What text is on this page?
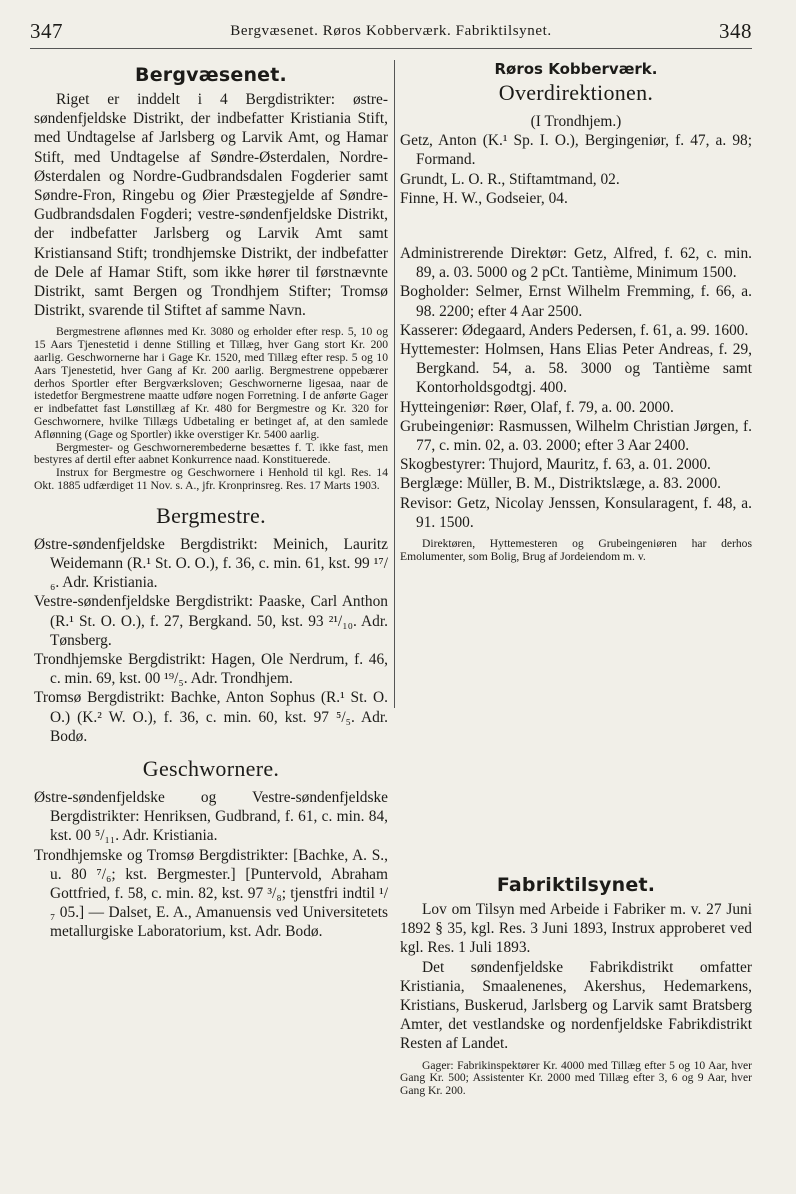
347	Bergvæsenet. Røros Kobberværk. Fabriktilsynet.	348
Bergvæsenet.

Riget er inddelt i 4 Bergdistrikter: østre-søndenfjeldske Distrikt, der indbefatter Kristiania Stift, med Undtagelse af Jarlsberg og Larvik Amt, og Hamar Stift, med Undtagelse af Søndre-Østerdalen, Nordre-Østerdalen og Nordre-Gudbrandsdalen Fogderier samt Søndre-Fron, Ringebu og Øier Præstegjelde af Søndre-Gudbrandsdalen Fogderi; vestre-søndenfjeldske Distrikt, der indbefatter Jarlsberg og Larvik Amt samt Kristiansand Stift; trondhjemske Distrikt, der indbefatter de Dele af Hamar Stift, som ikke hører til førstnævnte Distrikt, samt Bergen og Trondhjem Stifter; Tromsø Distrikt, svarende til Stiftet af samme Navn.

Bergmestrene aflønnes med Kr. 3080 og erholder efter resp. 5, 10 og 15 Aars Tjenestetid i denne Stilling et Tillæg, hver Gang stort Kr. 200 aarlig. Geschwornerne har i Gage Kr. 1520, med Tillæg efter resp. 5 og 10 Aars Tjenestetid, hver Gang af Kr. 200 aarlig. Bergmestrene oppebærer derhos Sportler efter Bergværksloven; Geschwornerne ligesaa, naar de istedetfor Bergmestrene maatte udføre nogen Forretning. I de anførte Gager er indbefattet fast Lønstillæg af Kr. 480 for Bergmestre og Kr. 320 for Geschwornere, hvilke Tillægs Udbetaling er betinget af, at den samlede Aflønning (Gage og Sportler) ikke overstiger Kr. 5400 aarlig.

Bergmester- og Geschwornerembederne besættes f. T. ikke fast, men bestyres af dertil efter aabnet Konkurrence naad. Konstituerede.

Instrux for Bergmestre og Geschwornere i Henhold til kgl. Res. 14 Okt. 1885 udfærdiget 11 Nov. s. A., jfr. Kronprinsreg. Res. 17 Marts 1903.

Bergmestre.

Østre-søndenfjeldske Bergdistrikt: Meinich, Lauritz Weidemann (R.¹ St. O. O.), f. 36, c. min. 61, kst. 99 ¹⁷/₆. Adr. Kristiania.

Vestre-søndenfjeldske Bergdistrikt: Paaske, Carl Anthon (R.¹ St. O. O.), f. 27, Bergkand. 50, kst. 93 ²¹/₁₀. Adr. Tønsberg.

Trondhjemske Bergdistrikt: Hagen, Ole Nerdrum, f. 46, c. min. 69, kst. 00 ¹⁹/₅. Adr. Trondhjem.

Tromsø Bergdistrikt: Bachke, Anton Sophus (R.¹ St. O. O.) (K.² W. O.), f. 36, c. min. 60, kst. 97 ⁵/₅. Adr. Bodø.

Geschwornere.

Østre-søndenfjeldske og Vestre-søndenfjeldske Bergdistrikter: Henriksen, Gudbrand, f. 61, c. min. 84, kst. 00 ⁵/₁₁. Adr. Kristiania.

Trondhjemske og Tromsø Bergdistrikter: [Bachke, A. S., u. 80 ⁷/₆; kst. Bergmester.] [Puntervold, Abraham Gottfried, f. 58, c. min. 82, kst. 97 ³/₈; tjenstfri indtil ¹/₇ 05.] — Dalset, E. A., Amanuensis ved Universitetets metallurgiske Laboratorium, kst. Adr. Bodø.

Røros Kobberværk.
Overdirektionen.

(I Trondhjem.)

Getz, Anton (K.¹ Sp. I. O.), Bergingeniør, f. 47, a. 98; Formand.

Grundt, L. O. R., Stiftamtmand, 02.

Finne, H. W., Godseier, 04.

Administrerende Direktør: Getz, Alfred, f. 62, c. min. 89, a. 03. 5000 og 2 pCt. Tantième, Minimum 1500.

Bogholder: Selmer, Ernst Wilhelm Fremming, f. 66, a. 98. 2200; efter 4 Aar 2500.

Kasserer: Ødegaard, Anders Pedersen, f. 61, a. 99. 1600.

Hyttemester: Holmsen, Hans Elias Peter Andreas, f. 29, Bergkand. 54, a. 58. 3000 og Tantième samt Kontorholdsgodtgj. 400.

Hytteingeniør: Røer, Olaf, f. 79, a. 00. 2000.

Grubeingeniør: Rasmussen, Wilhelm Christian Jørgen, f. 77, c. min. 02, a. 03. 2000; efter 3 Aar 2400.

Skogbestyrer: Thujord, Mauritz, f. 63, a. 01. 2000.

Berglæge: Müller, B. M., Distriktslæge, a. 83. 2000.

Revisor: Getz, Nicolay Jenssen, Konsularagent, f. 48, a. 91. 1500.

Direktøren, Hyttemesteren og Grubeingeniøren har derhos Emolumenter, som Bolig, Brug af Jordeiendom m. v.

Fabriktilsynet.

Lov om Tilsyn med Arbeide i Fabriker m. v. 27 Juni 1892 § 35, kgl. Res. 3 Juni 1893, Instrux approberet ved kgl. Res. 1 Juli 1893.

Det søndenfjeldske Fabrikdistrikt omfatter Kristiania, Smaalenenes, Akershus, Hedemarkens, Kristians, Buskerud, Jarlsberg og Larvik samt Bratsberg Amter, det vestlandske og nordenfjeldske Fabrikdistrikt Resten af Landet.

Gager: Fabrikinspektører Kr. 4000 med Tillæg efter 5 og 10 Aar, hver Gang Kr. 500; Assistenter Kr. 2000 med Tillæg efter 3, 6 og 9 Aar, hver Gang Kr. 200.
